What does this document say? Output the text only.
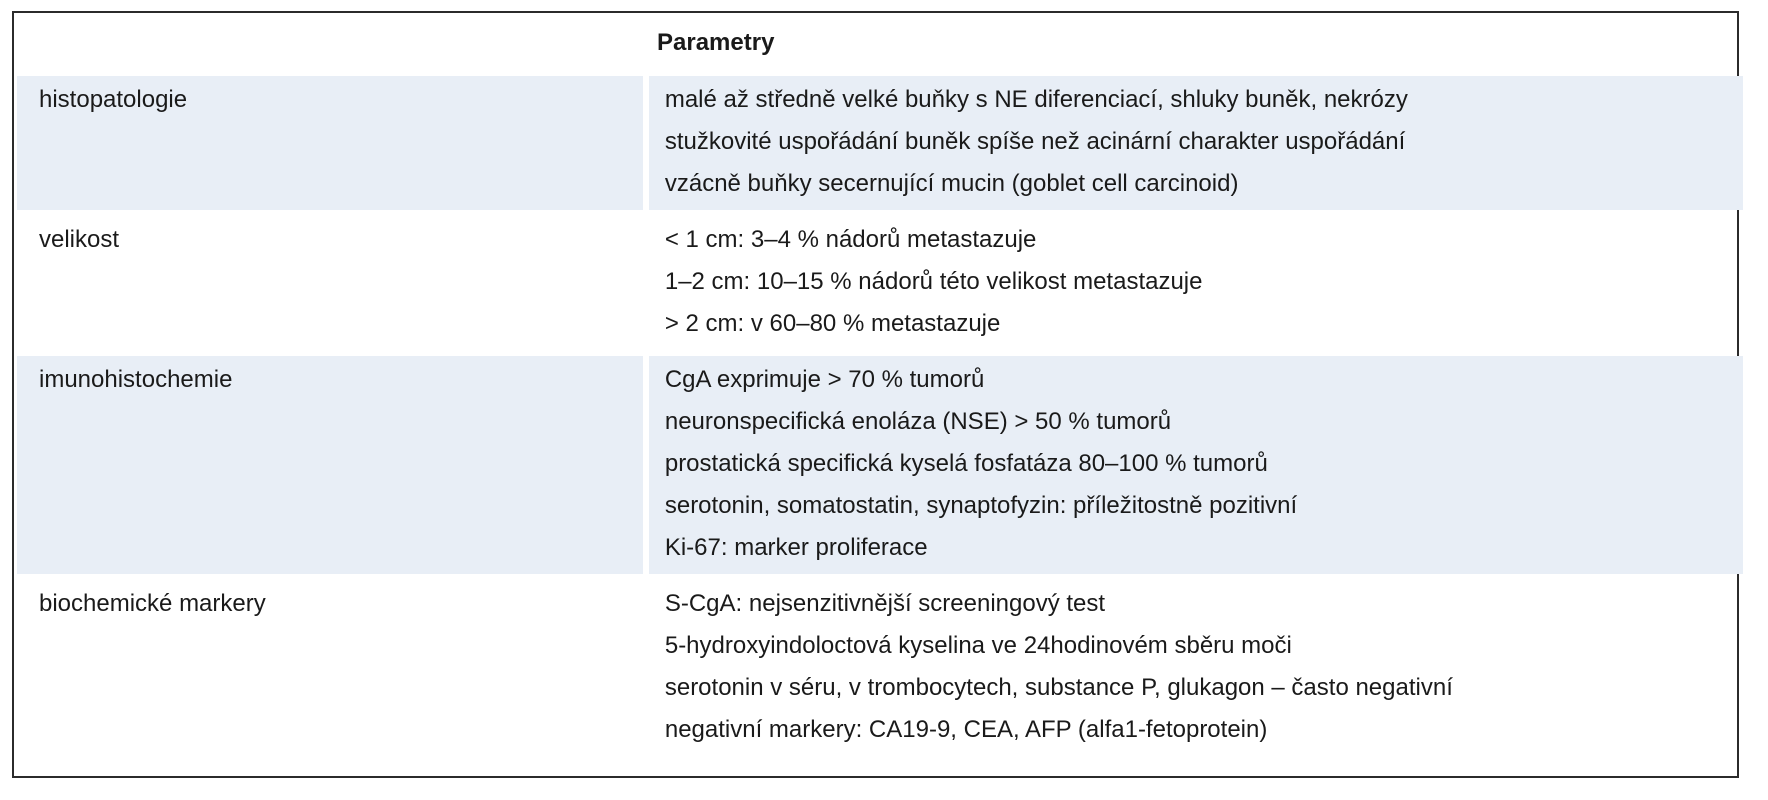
Parametry
histopatologie	malé až středně velké buňky s NE diferenciací, shluky buněk, nekrózy
stužkovité uspořádání buněk spíše než acinární charakter uspořádání
vzácně buňky secernující mucin (goblet cell carcinoid)
velikost	< 1 cm: 3–4 % nádorů metastazuje
1–2 cm: 10–15 % nádorů této velikost metastazuje
> 2 cm: v 60–80 % metastazuje
imunohistochemie	CgA exprimuje > 70 % tumorů
neuronspecifická enoláza (NSE) > 50 % tumorů
prostatická specifická kyselá fosfatáza 80–100 % tumorů
serotonin, somatostatin, synaptofyzin: příležitostně pozitivní
Ki-67: marker proliferace
biochemické markery	S-CgA: nejsenzitivnější screeningový test
5-hydroxyindoloctová kyselina ve 24hodinovém sběru moči
serotonin v séru, v trombocytech, substance P, glukagon – často negativní
negativní markery: CA19-9, CEA, AFP (alfa1-fetoprotein)
